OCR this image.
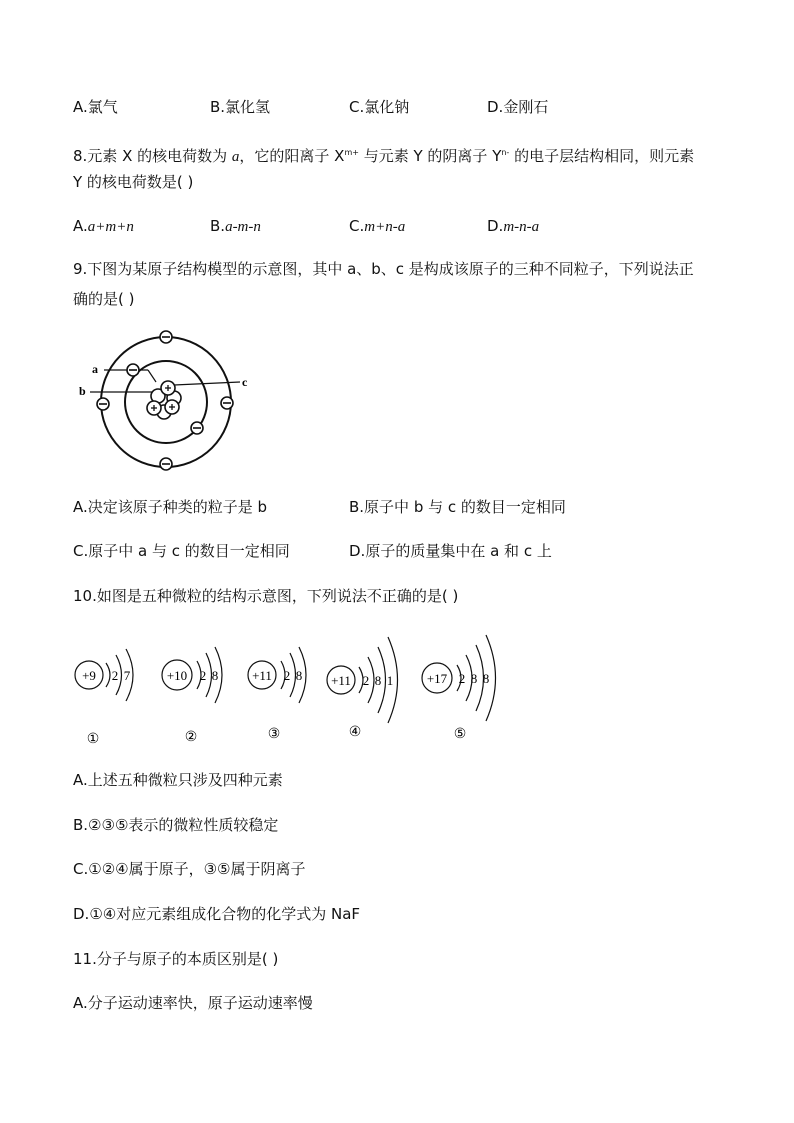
A.氯气	B.氯化氢	C.氯化钠	D.金刚石
8.元素 X 的核电荷数为 a，它的阳离子 $X^{m+}$ 与元素 Y 的阴离子 $Y^{n-}$ 的电子层结构相同，则元素
Y 的核电荷数是( )
A.a+m+n	B.a-m-n	C.m+n-a	D.m-n-a
9.下图为某原子结构模型的示意图，其中 a、b、c 是构成该原子的三种不同粒子，下列说法正
确的是( )
a
b
c
A.决定该原子种类的粒子是 b	B.原子中 b 与 c 的数目一定相同
C.原子中 a 与 c 的数目一定相同	D.原子的质量集中在 a 和 c 上
10.如图是五种微粒的结构示意图，下列说法不正确的是( )
+9 2 7
①
+10 2 8
②
+11 2 8
③
+11 2 8 1
④
+17 2 8 8
⑤
A.上述五种微粒只涉及四种元素
B.②③⑤表示的微粒性质较稳定
C.①②④属于原子，③⑤属于阴离子
D.①④对应元素组成化合物的化学式为 NaF
11.分子与原子的本质区别是( )
A.分子运动速率快，原子运动速率慢
